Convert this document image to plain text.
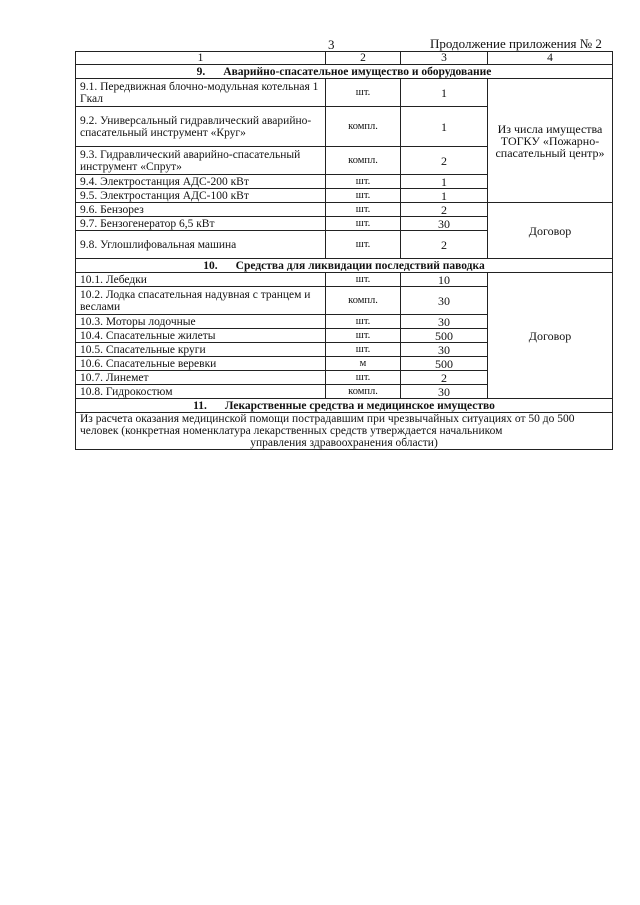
3	Продолжение приложения № 2
1	2	3	4
9. Аварийно-спасательное имущество и оборудование			
9.1. Передвижная блочно-модульная котельная 1 Гкал	шт.	1	Из числа имущества ТОГКУ «Пожарно-спасательный центр»
9.2. Универсальный гидравлический аварийно- спасательный инструмент «Круг»	компл.	1	
9.3. Гидравлический аварийно-спасательный инструмент «Спрут»	компл.	2	
9.4. Электростанция АДС-200 кВт	шт.	1	
9.5. Электростанция АДС-100 кВт	шт.	1	
9.6. Бензорез	шт.	2	Договор
9.7. Бензогенератор 6,5 кВт	шт.	30	
9.8. Углошлифовальная машина	шт.	2	
10. Средства для ликвидации последствий паводка			
10.1. Лебедки	шт.	10	Договор
10.2. Лодка спасательная надувная с транцем и веслами	компл.	30	
10.3. Моторы лодочные	шт.	30	
10.4. Спасательные жилеты	шт.	500	
10.5. Спасательные круги	шт.	30	
10.6. Спасательные веревки	м	500	
10.7. Линемет	шт.	2	
10.8. Гидрокостюм	компл.	30	
11. Лекарственные средства и медицинское имущество			
Из расчета оказания медицинской помощи пострадавшим при чрезвычайных ситуациях от 50 до 500 человек (конкретная номенклатура лекарственных средств утверждается начальником
управления здравоохранения области)			
